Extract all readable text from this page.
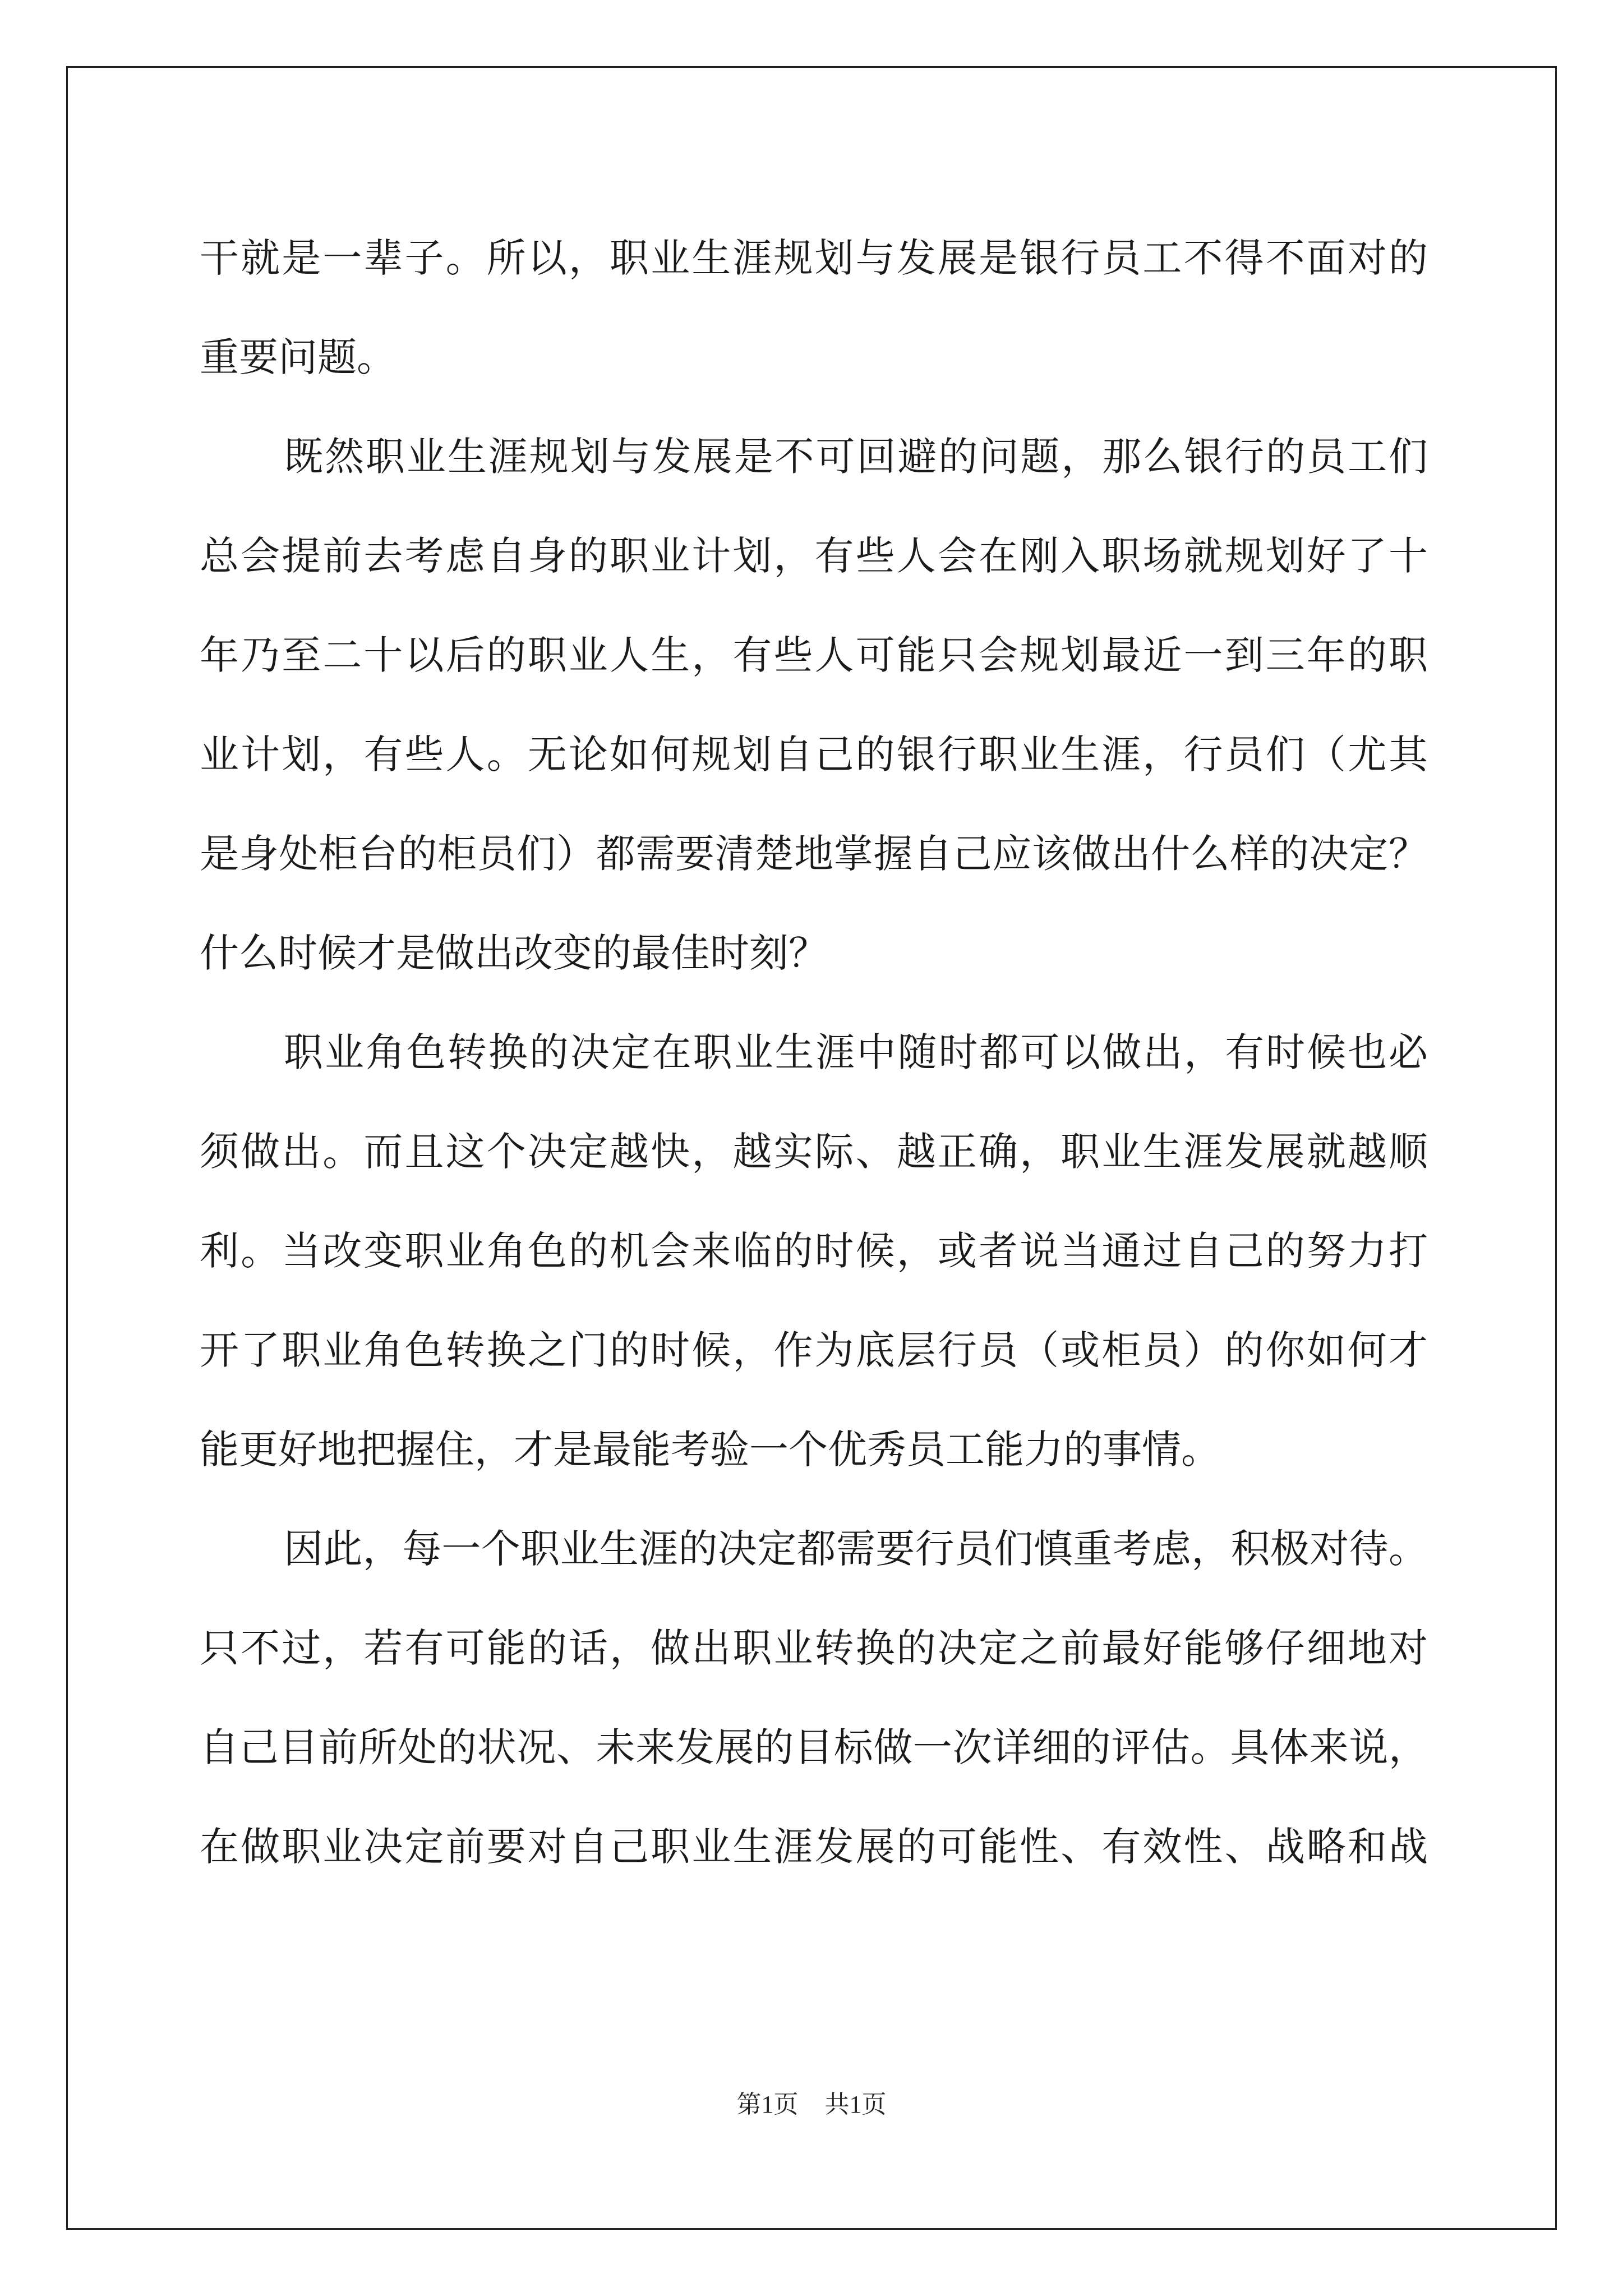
干就是一辈子。所以，职业生涯规划与发展是银行员工不得不面对的
重要问题。
既然职业生涯规划与发展是不可回避的问题，那么银行的员工们
总会提前去考虑自身的职业计划，有些人会在刚入职场就规划好了十
年乃至二十以后的职业人生，有些人可能只会规划最近一到三年的职
业计划，有些人。无论如何规划自己的银行职业生涯，行员们（尤其
是身处柜台的柜员们）都需要清楚地掌握自己应该做出什么样的决定？
什么时候才是做出改变的最佳时刻？
职业角色转换的决定在职业生涯中随时都可以做出，有时候也必
须做出。而且这个决定越快，越实际、越正确，职业生涯发展就越顺
利。当改变职业角色的机会来临的时候，或者说当通过自己的努力打
开了职业角色转换之门的时候，作为底层行员（或柜员）的你如何才
能更好地把握住，才是最能考验一个优秀员工能力的事情。
因此，每一个职业生涯的决定都需要行员们慎重考虑，积极对待。
只不过，若有可能的话，做出职业转换的决定之前最好能够仔细地对
自己目前所处的状况、未来发展的目标做一次详细的评估。具体来说，
在做职业决定前要对自己职业生涯发展的可能性、有效性、战略和战
第1页 共1页
